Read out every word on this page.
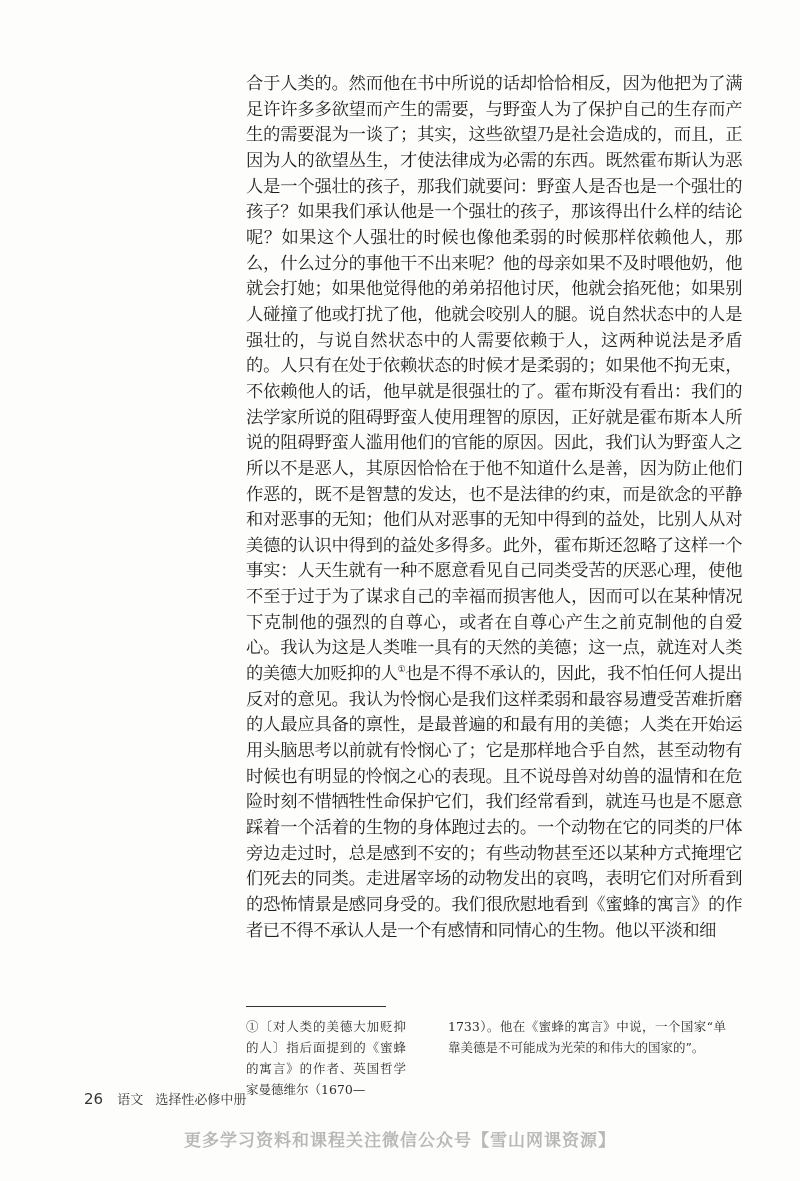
合于人类的。然而他在书中所说的话却恰恰相反，因为他把为了满足许许多多欲望而产生的需要，与野蛮人为了保护自己的生存而产生的需要混为一谈了；其实，这些欲望乃是社会造成的，而且，正因为人的欲望丛生，才使法律成为必需的东西。既然霍布斯认为恶人是一个强壮的孩子，那我们就要问：野蛮人是否也是一个强壮的孩子？如果我们承认他是一个强壮的孩子，那该得出什么样的结论呢？如果这个人强壮的时候也像他柔弱的时候那样依赖他人，那么，什么过分的事他干不出来呢？他的母亲如果不及时喂他奶，他就会打她；如果他觉得他的弟弟招他讨厌，他就会掐死他；如果别人碰撞了他或打扰了他，他就会咬别人的腿。说自然状态中的人是强壮的，与说自然状态中的人需要依赖于人，这两种说法是矛盾的。人只有在处于依赖状态的时候才是柔弱的；如果他不拘无束，不依赖他人的话，他早就是很强壮的了。霍布斯没有看出：我们的法学家所说的阻碍野蛮人使用理智的原因，正好就是霍布斯本人所说的阻碍野蛮人滥用他们的官能的原因。因此，我们认为野蛮人之所以不是恶人，其原因恰恰在于他不知道什么是善，因为防止他们作恶的，既不是智慧的发达，也不是法律的约束，而是欲念的平静和对恶事的无知；他们从对恶事的无知中得到的益处，比别人从对美德的认识中得到的益处多得多。此外，霍布斯还忽略了这样一个事实：人天生就有一种不愿意看见自己同类受苦的厌恶心理，使他不至于过于为了谋求自己的幸福而损害他人，因而可以在某种情况下克制他的强烈的自尊心，或者在自尊心产生之前克制他的自爱心。我认为这是人类唯一具有的天然的美德；这一点，就连对人类的美德大加贬抑的人①也是不得不承认的，因此，我不怕任何人提出反对的意见。我认为怜悯心是我们这样柔弱和最容易遭受苦难折磨的人最应具备的禀性，是最普遍的和最有用的美德；人类在开始运用头脑思考以前就有怜悯心了；它是那样地合乎自然，甚至动物有时候也有明显的怜悯之心的表现。且不说母兽对幼兽的温情和在危险时刻不惜牺牲性命保护它们，我们经常看到，就连马也是不愿意踩着一个活着的生物的身体跑过去的。一个动物在它的同类的尸体旁边走过时，总是感到不安的；有些动物甚至还以某种方式掩埋它们死去的同类。走进屠宰场的动物发出的哀鸣，表明它们对所看到的恐怖情景是感同身受的。我们很欣慰地看到《蜜蜂的寓言》的作者已不得不承认人是一个有感情和同情心的生物。他以平淡和细

①〔对人类的美德大加贬抑的人〕指后面提到的《蜜蜂的寓言》的作者、英国哲学家曼德维尔（1670—

1733）。他在《蜜蜂的寓言》中说，一个国家“单靠美德是不可能成为光荣的和伟大的国家的”。

26 语文 选择性必修中册
更多学习资料和课程关注微信公众号【雪山网课资源】
